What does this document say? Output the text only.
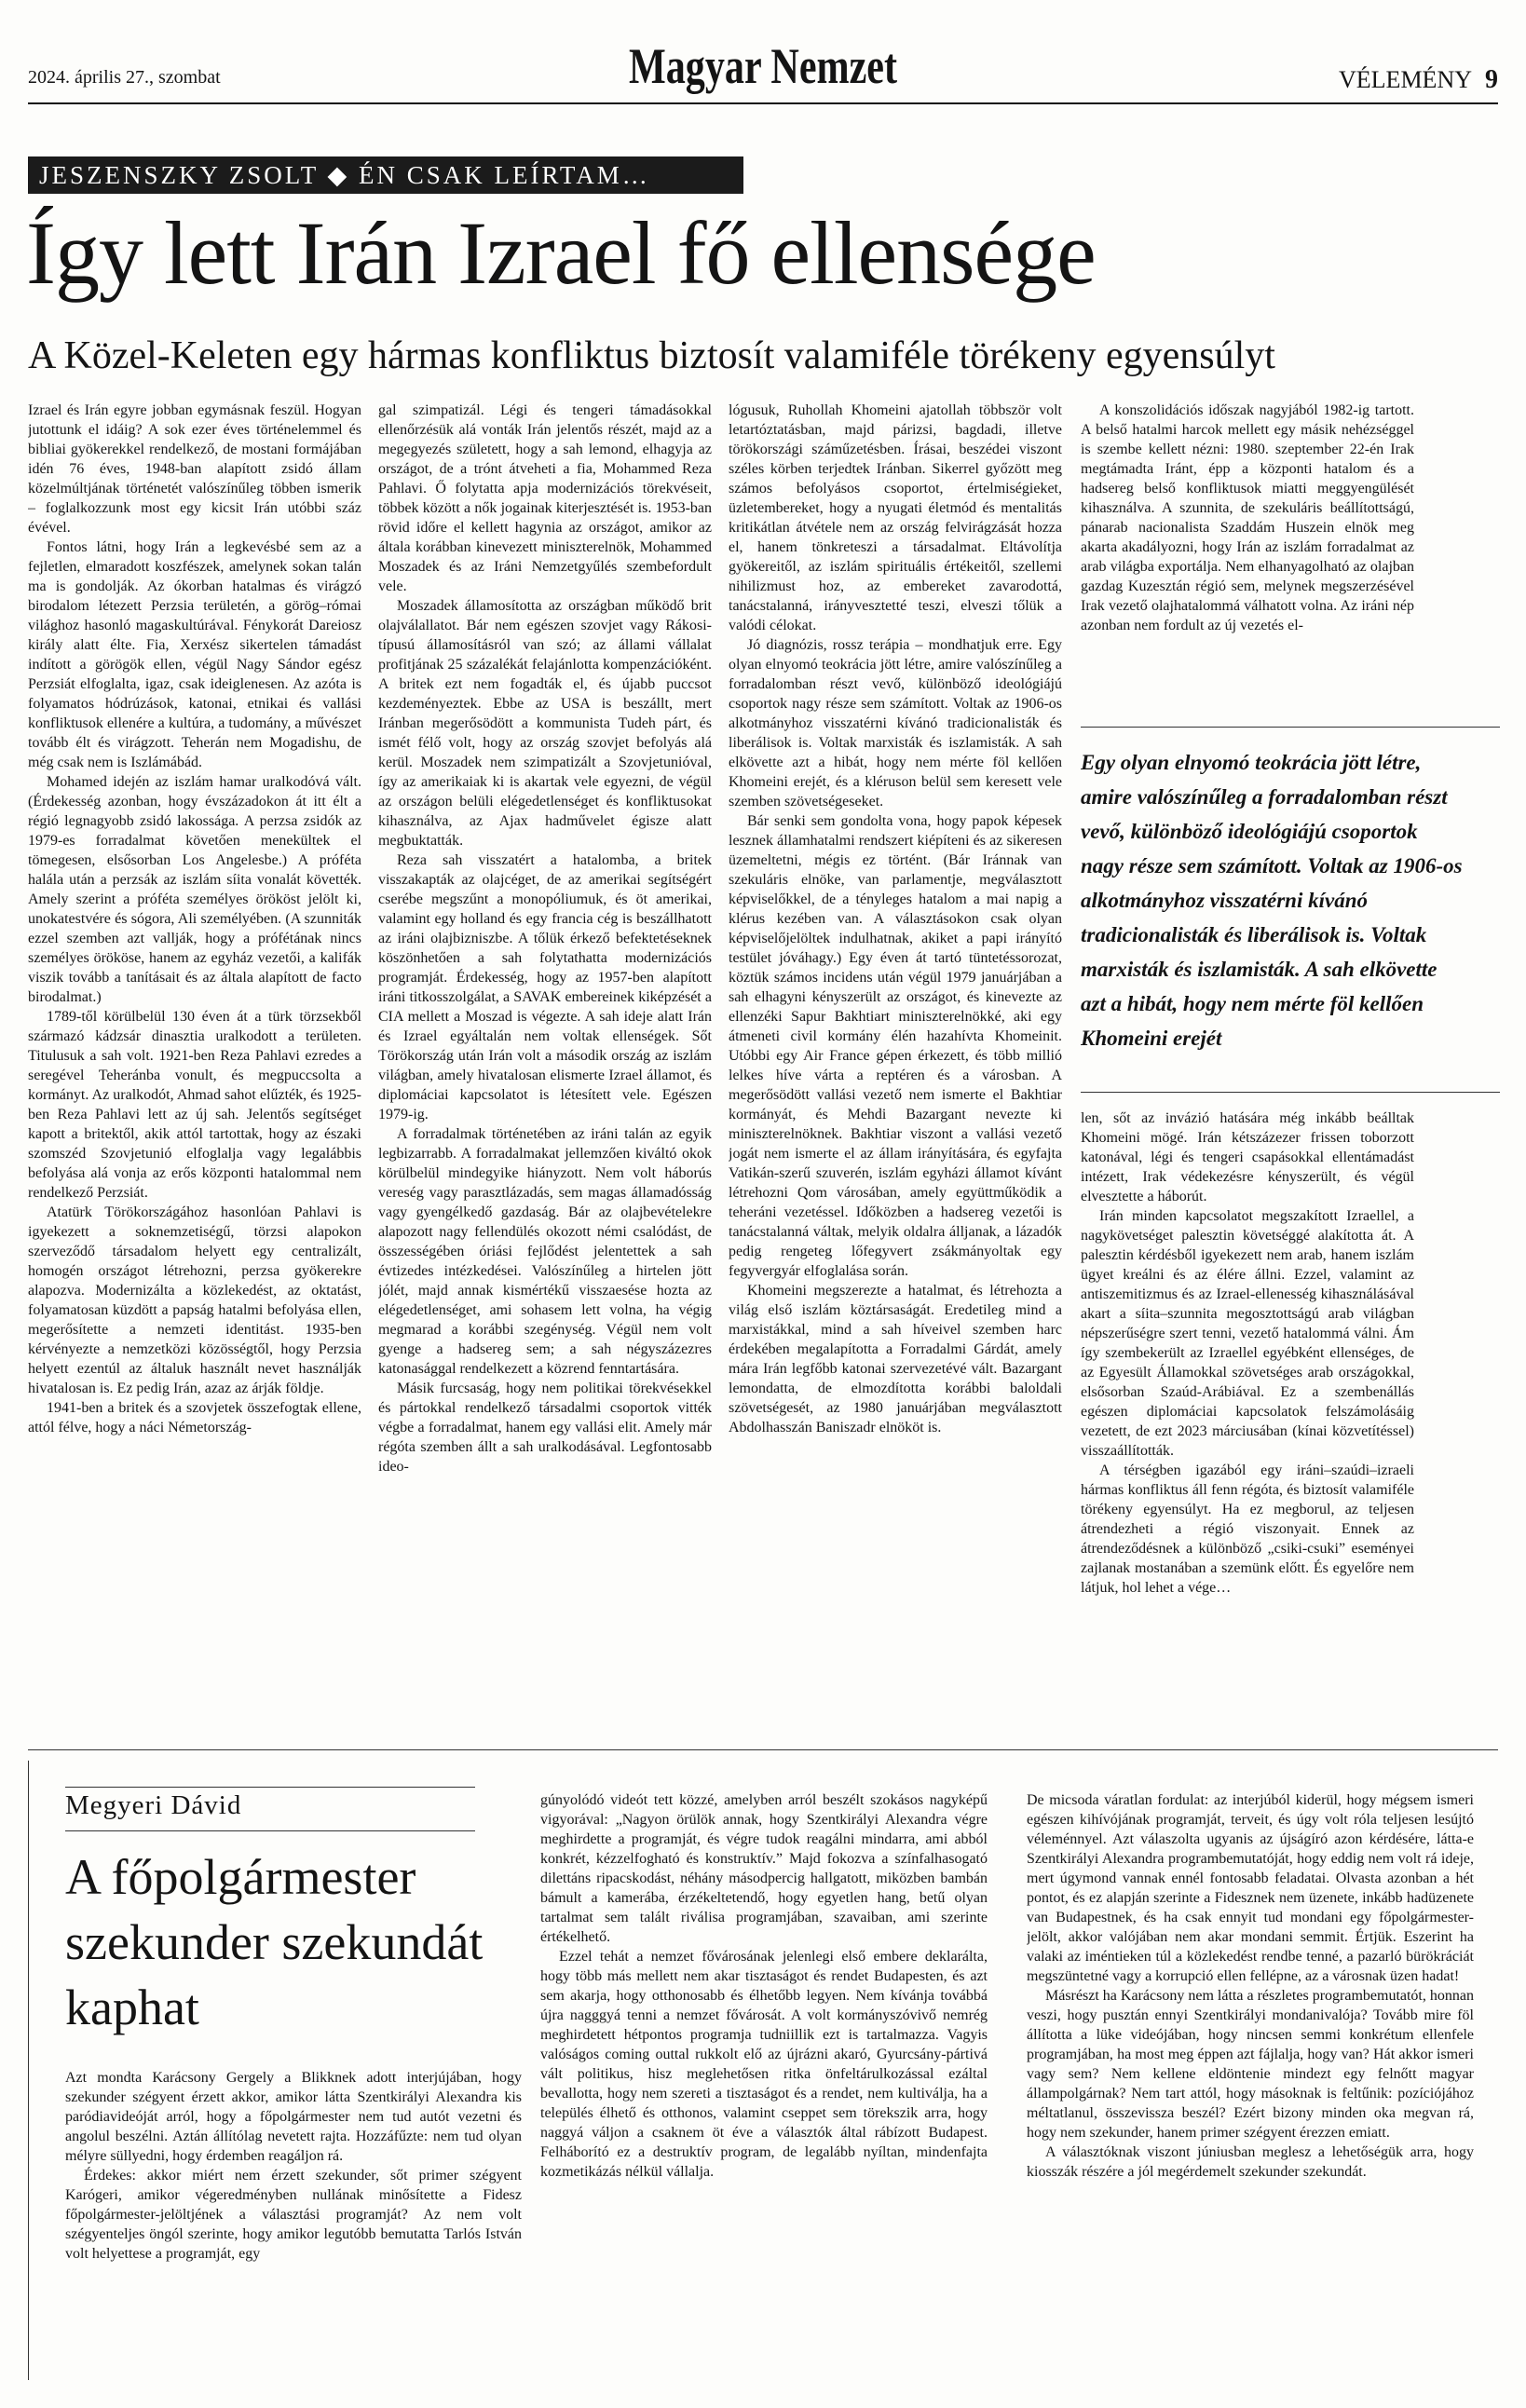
2024. április 27., szombat	Magyar Nemzet	VÉLEMÉNY 9
JESZENSZKY ZSOLT ◆ ÉN CSAK LEÍRTAM…
Így lett Irán Izrael fő ellensége
A Közel-Keleten egy hármas konfliktus biztosít valamiféle törékeny egyensúlyt

Izrael és Irán egyre jobban egymásnak feszül. Hogyan jutottunk el idáig? A sok ezer éves történelemmel és bibliai gyökerekkel rendelkező, de mostani formájában idén 76 éves, 1948-ban alapított zsidó állam közelmúltjának történetét valószínűleg többen ismerik – foglalkozzunk most egy kicsit Irán utóbbi száz évével.

Fontos látni, hogy Irán a legkevésbé sem az a fejletlen, elmaradott koszfészek, amelynek sokan talán ma is gondolják. Az ókorban hatalmas és virágzó birodalom létezett Perzsia területén, a görög–római világhoz hasonló magaskultúrával. Fénykorát Dareiosz király alatt élte. Fia, Xerxész sikertelen támadást indított a görögök ellen, végül Nagy Sándor egész Perzsiát elfoglalta, igaz, csak ideiglenesen. Az azóta is folyamatos hódrúzások, katonai, etnikai és vallási konfliktusok ellenére a kultúra, a tudomány, a művészet tovább élt és virágzott. Teherán nem Mogadishu, de még csak nem is Iszlámábád.

Mohamed idején az iszlám hamar uralkodóvá vált. (Érdekesség azonban, hogy évszázadokon át itt élt a régió legnagyobb zsidó lakossága. A perzsa zsidók az 1979-es forradalmat követően menekültek el tömegesen, elsősorban Los Angelesbe.) A próféta halála után a perzsák az iszlám síita vonalát követték. Amely szerint a próféta személyes örököst jelölt ki, unokatestvére és sógora, Ali személyében. (A szunniták ezzel szemben azt vallják, hogy a prófétának nincs személyes örököse, hanem az egyház vezetői, a kalifák viszik tovább a tanításait és az általa alapított de facto birodalmat.)

1789-től körülbelül 130 éven át a türk törzsekből származó kádzsár dinasztia uralkodott a területen. Titulusuk a sah volt. 1921-ben Reza Pahlavi ezredes a seregével Teheránba vonult, és megpuccsolta a kormányt. Az uralkodót, Ahmad sahot elűzték, és 1925-ben Reza Pahlavi lett az új sah. Jelentős segítséget kapott a britektől, akik attól tartottak, hogy az északi szomszéd Szovjetunió elfoglalja vagy legalábbis befolyása alá vonja az erős központi hatalommal nem rendelkező Perzsiát.

Atatürk Törökországához hasonlóan Pahlavi is igyekezett a soknemzetiségű, törzsi alapokon szerveződő társadalom helyett egy centralizált, homogén országot létrehozni, perzsa gyökerekre alapozva. Modernizálta a közlekedést, az oktatást, folyamatosan küzdött a papság hatalmi befolyása ellen, megerősítette a nemzeti identitást. 1935-ben kérvényezte a nemzetközi közösségtől, hogy Perzsia helyett ezentúl az általuk használt nevet használják hivatalosan is. Ez pedig Irán, azaz az árják földje.

1941-ben a britek és a szovjetek összefogtak ellene, attól félve, hogy a náci Németország-

gal szimpatizál. Légi és tengeri támadásokkal ellenőrzésük alá vonták Irán jelentős részét, majd az a megegyezés született, hogy a sah lemond, elhagyja az országot, de a trónt átveheti a fia, Mohammed Reza Pahlavi. Ő folytatta apja modernizációs törekvéseit, többek között a nők jogainak kiterjesztését is. 1953-ban rövid időre el kellett hagynia az országot, amikor az általa korábban kinevezett miniszterelnök, Mohammed Moszadek és az Iráni Nemzetgyűlés szembefordult vele.

Moszadek államosította az országban működő brit olajválallatot. Bár nem egészen szovjet vagy Rákosi-típusú államosításról van szó; az állami vállalat profitjának 25 százalékát felajánlotta kompenzációként. A britek ezt nem fogadták el, és újabb puccsot kezdeményeztek. Ebbe az USA is beszállt, mert Iránban megerősödött a kommunista Tudeh párt, és ismét félő volt, hogy az ország szovjet befolyás alá kerül. Moszadek nem szimpatizált a Szovjetunióval, így az amerikaiak ki is akartak vele egyezni, de végül az országon belüli elégedetlenséget és konfliktusokat kihasználva, az Ajax hadművelet égisze alatt megbuktatták.

Reza sah visszatért a hatalomba, a britek visszakapták az olajcéget, de az amerikai segítségért cserébe megszűnt a monopóliumuk, és öt amerikai, valamint egy holland és egy francia cég is beszállhatott az iráni olajbizniszbe. A tőlük érkező befektetéseknek köszönhetően a sah folytathatta modernizációs programját. Érdekesség, hogy az 1957-ben alapított iráni titkosszolgálat, a SAVAK embereinek kiképzését a CIA mellett a Moszad is végezte. A sah ideje alatt Irán és Izrael egyáltalán nem voltak ellenségek. Sőt Törökország után Irán volt a második ország az iszlám világban, amely hivatalosan elismerte Izrael államot, és diplomáciai kapcsolatot is létesített vele. Egészen 1979-ig.

A forradalmak történetében az iráni talán az egyik legbizarrabb. A forradalmakat jellemzően kiváltó okok körülbelül mindegyike hiányzott. Nem volt háborús vereség vagy parasztlázadás, sem magas államadósság vagy gyengélkedő gazdaság. Bár az olajbevételekre alapozott nagy fellendülés okozott némi csalódást, de összességében óriási fejlődést jelentettek a sah évtizedes intézkedései. Valószínűleg a hirtelen jött jólét, majd annak kismértékű visszaesése hozta az elégedetlenséget, ami sohasem lett volna, ha végig megmarad a korábbi szegénység. Végül nem volt gyenge a hadsereg sem; a sah négyszázezres katonasággal rendelkezett a közrend fenntartására.

Másik furcsaság, hogy nem politikai törekvésekkel és pártokkal rendelkező társadalmi csoportok vitték végbe a forradalmat, hanem egy vallási elit. Amely már régóta szemben állt a sah uralkodásával. Legfontosabb ideo-

lógusuk, Ruhollah Khomeini ajatollah többször volt letartóztatásban, majd párizsi, bagdadi, illetve törökországi száműzetésben. Írásai, beszédei viszont széles körben terjedtek Iránban. Sikerrel győzött meg számos befolyásos csoportot, értelmiségieket, üzletembereket, hogy a nyugati életmód és mentalitás kritikátlan átvétele nem az ország felvirágzását hozza el, hanem tönkreteszi a társadalmat. Eltávolítja gyökereitől, az iszlám spirituális értékeitől, szellemi nihilizmust hoz, az embereket zavarodottá, tanácstalanná, irányvesztetté teszi, elveszi tőlük a valódi célokat.

Jó diagnózis, rossz terápia – mondhatjuk erre. Egy olyan elnyomó teokrácia jött létre, amire valószínűleg a forradalomban részt vevő, különböző ideológiájú csoportok nagy része sem számított. Voltak az 1906-os alkotmányhoz visszatérni kívánó tradicionalisták és liberálisok is. Voltak marxisták és iszlamisták. A sah elkövette azt a hibát, hogy nem mérte föl kellően Khomeini erejét, és a kléruson belül sem keresett vele szemben szövetségeseket.

Bár senki sem gondolta vona, hogy papok képesek lesznek államhatalmi rendszert kiépíteni és az sikeresen üzemeltetni, mégis ez történt. (Bár Iránnak van szekuláris elnöke, van parlamentje, megválasztott képviselőkkel, de a tényleges hatalom a mai napig a klérus kezében van. A választásokon csak olyan képviselőjelöltek indulhatnak, akiket a papi irányító testület jóváhagy.) Egy éven át tartó tüntetéssorozat, köztük számos incidens után végül 1979 januárjában a sah elhagyni kényszerült az országot, és kinevezte az ellenzéki Sapur Bakhtiart miniszterelnökké, aki egy átmeneti civil kormány élén hazahívta Khomeinit. Utóbbi egy Air France gépen érkezett, és több millió lelkes híve várta a reptéren és a városban. A megerősödött vallási vezető nem ismerte el Bakhtiar kormányát, és Mehdi Bazargant nevezte ki miniszterelnöknek. Bakhtiar viszont a vallási vezető jogát nem ismerte el az állam irányítására, és egyfajta Vatikán-szerű szuverén, iszlám egyházi államot kívánt létrehozni Qom városában, amely együttműködik a teheráni vezetéssel. Időközben a hadsereg vezetői is tanácstalanná váltak, melyik oldalra álljanak, a lázadók pedig rengeteg lőfegyvert zsákmányoltak egy fegyvergyár elfoglalása során.

Khomeini megszerezte a hatalmat, és létrehozta a világ első iszlám köztársaságát. Eredetileg mind a marxistákkal, mind a sah híveivel szemben harc érdekében megalapította a Forradalmi Gárdát, amely mára Irán legfőbb katonai szervezetévé vált. Bazargant lemondatta, de elmozdította korábbi baloldali szövetségesét, az 1980 januárjában megválasztott Abdolhasszán Baniszadr elnököt is.

A konszolidációs időszak nagyjából 1982-ig tartott. A belső hatalmi harcok mellett egy másik nehézséggel is szembe kellett nézni: 1980. szeptember 22-én Irak megtámadta Iránt, épp a központi hatalom és a hadsereg belső konfliktusok miatti meggyengülését kihasználva. A szunnita, de szekuláris beállítottságú, pánarab nacionalista Szaddám Huszein elnök meg akarta akadályozni, hogy Irán az iszlám forradalmat az arab világba exportálja. Nem elhanyagolható az olajban gazdag Kuzesztán régió sem, melynek megszerzésével Irak vezető olajhatalommá válhatott volna. Az iráni nép azonban nem fordult az új vezetés el-

Egy olyan elnyomó teokrácia jött létre, amire valószínűleg a forradalomban részt vevő, különböző ideológiájú csoportok nagy része sem számított. Voltak az 1906-os alkotmányhoz visszatérni kívánó tradicionalisták és liberálisok is. Voltak marxisták és iszlamisták. A sah elkövette azt a hibát, hogy nem mérte föl kellően Khomeini erejét

len, sőt az invázió hatására még inkább beálltak Khomeini mögé. Irán kétszázezer frissen toborzott katonával, légi és tengeri csapásokkal ellentámadást intézett, Irak védekezésre kényszerült, és végül elvesztette a háborút.

Irán minden kapcsolatot megszakított Izraellel, a nagykövetséget palesztin követséggé alakította át. A palesztin kérdésből igyekezett nem arab, hanem iszlám ügyet kreálni és az élére állni. Ezzel, valamint az antiszemitizmus és az Izrael-ellenesség kihasználásával akart a síita–szunnita megosztottságú arab világban népszerűségre szert tenni, vezető hatalommá válni. Ám így szembekerült az Izraellel egyébként ellenséges, de az Egyesült Államokkal szövetséges arab országokkal, elsősorban Szaúd-Arábiával. Ez a szembenállás egészen diplomáciai kapcsolatok felszámolásáig vezetett, de ezt 2023 márciusában (kínai közvetítéssel) visszaállították.

A térségben igazából egy iráni–szaúdi–izraeli hármas konfliktus áll fenn régóta, és biztosít valamiféle törékeny egyensúlyt. Ha ez megborul, az teljesen átrendezheti a régió viszonyait. Ennek az átrendeződésnek a különböző „csiki-csuki” eseményei zajlanak mostanában a szemünk előtt. És egyelőre nem látjuk, hol lehet a vége…

Megyeri Dávid
A főpolgármester szekunder szekundát kaphat

Azt mondta Karácsony Gergely a Blikknek adott interjújában, hogy szekunder szégyent érzett akkor, amikor látta Szentkirályi Alexandra kis paródiavideóját arról, hogy a főpolgármester nem tud autót vezetni és angolul beszélni. Aztán állítólag nevetett rajta. Hozzáfűzte: nem tud olyan mélyre süllyedni, hogy érdemben reagáljon rá.

Érdekes: akkor miért nem érzett szekunder, sőt primer szégyent Karógeri, amikor végeredményben nullának minősítette a Fidesz főpolgármester-jelöltjének a választási programját? Az nem volt szégyenteljes öngól szerinte, hogy amikor legutóbb bemutatta Tarlós István volt helyettese a programját, egy

gúnyolódó videót tett közzé, amelyben arról beszélt szokásos nagyképű vigyorával: „Nagyon örülök annak, hogy Szentkirályi Alexandra végre meghirdette a programját, és végre tudok reagálni mindarra, ami abból konkrét, kézzelfogható és konstruktív.” Majd fokozva a színfalhasogató dilettáns ripacskodást, néhány másodpercig hallgatott, miközben bambán bámult a kamerába, érzékeltetendő, hogy egyetlen hang, betű olyan tartalmat sem talált riválisa programjában, szavaiban, ami szerinte értékelhető.

Ezzel tehát a nemzet fővárosának jelenlegi első embere deklarálta, hogy több más mellett nem akar tisztaságot és rendet Budapesten, és azt sem akarja, hogy otthonosabb és élhetőbb legyen. Nem kívánja továbbá újra nagggyá tenni a nemzet fővárosát. A volt kormányszóvivő nemrég meghirdetett hétpontos programja tudniillik ezt is tartalmazza. Vagyis valóságos coming outtal rukkolt elő az újrázni akaró, Gyurcsány-pártivá vált politikus, hisz meglehetősen ritka önfeltárulkozással ezáltal bevallotta, hogy nem szereti a tisztaságot és a rendet, nem kultiválja, ha a település élhető és otthonos, valamint cseppet sem törekszik arra, hogy naggyá váljon a csaknem öt éve a választók által rábízott Budapest. Felháborító ez a destruktív program, de legalább nyíltan, mindenfajta kozmetikázás nélkül vállalja.

De micsoda váratlan fordulat: az interjúból kiderül, hogy mégsem ismeri egészen kihívójának programját, terveit, és úgy volt róla teljesen lesújtó véleménnyel. Azt válaszolta ugyanis az újságíró azon kérdésére, látta-e Szentkirályi Alexandra programbemutatóját, hogy eddig nem volt rá ideje, mert úgymond vannak ennél fontosabb feladatai. Olvasta azonban a hét pontot, és ez alapján szerinte a Fidesznek nem üzenete, inkább hadüzenete van Budapestnek, és ha csak ennyit tud mondani egy főpolgármester-jelölt, akkor valójában nem akar mondani semmit. Értjük. Eszerint ha valaki az iméntieken túl a közlekedést rendbe tenné, a pazarló bürökráciát megszüntetné vagy a korrupció ellen fellépne, az a városnak üzen hadat!

Másrészt ha Karácsony nem látta a részletes programbemutatót, honnan veszi, hogy pusztán ennyi Szentkirályi mondanivalója? Tovább mire föl állította a lüke videójában, hogy nincsen semmi konkrétum ellenfele programjában, ha most meg éppen azt fájlalja, hogy van? Hát akkor ismeri vagy sem? Nem kellene eldöntenie mindezt egy felnőtt magyar állampolgárnak? Nem tart attól, hogy másoknak is feltűnik: pozíciójához méltatlanul, összevissza beszél? Ezért bizony minden oka megvan rá, hogy nem szekunder, hanem primer szégyent érezzen emiatt.

A választóknak viszont júniusban meglesz a lehetőségük arra, hogy kiosszák részére a jól megérdemelt szekunder szekundát.
